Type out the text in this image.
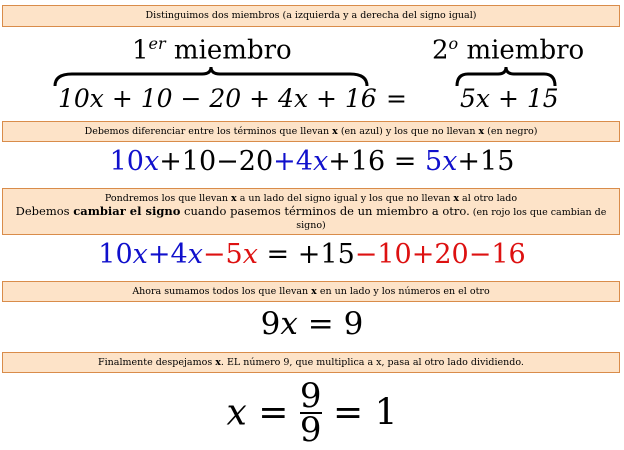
Distinguimos dos miembros (a izquierda y a derecha del signo igual)
1er miembro	2$^o$ miembro
10x + 10 − 20 + 4x + 16 = 5x + 15
Debemos diferenciar entre los términos que llevan x (en azul) y los que no llevan x (en negro)
10x+10−20+4x+16 = 5x+15
Pondremos los que llevan x a un lado del signo igual y los que no llevan x al otro lado
Debemos cambiar el signo cuando pasemos términos de un miembro a otro. (en rojo los que cambian de signo)
10x+4x−5x = +15−10+20−16
Ahora sumamos todos los que llevan x en un lado y los números en el otro
9x = 9
Finalmente despejamos x. EL número 9, que multiplica a x, pasa al otro lado dividiendo.
$x = \frac{9}{9} = 1$
